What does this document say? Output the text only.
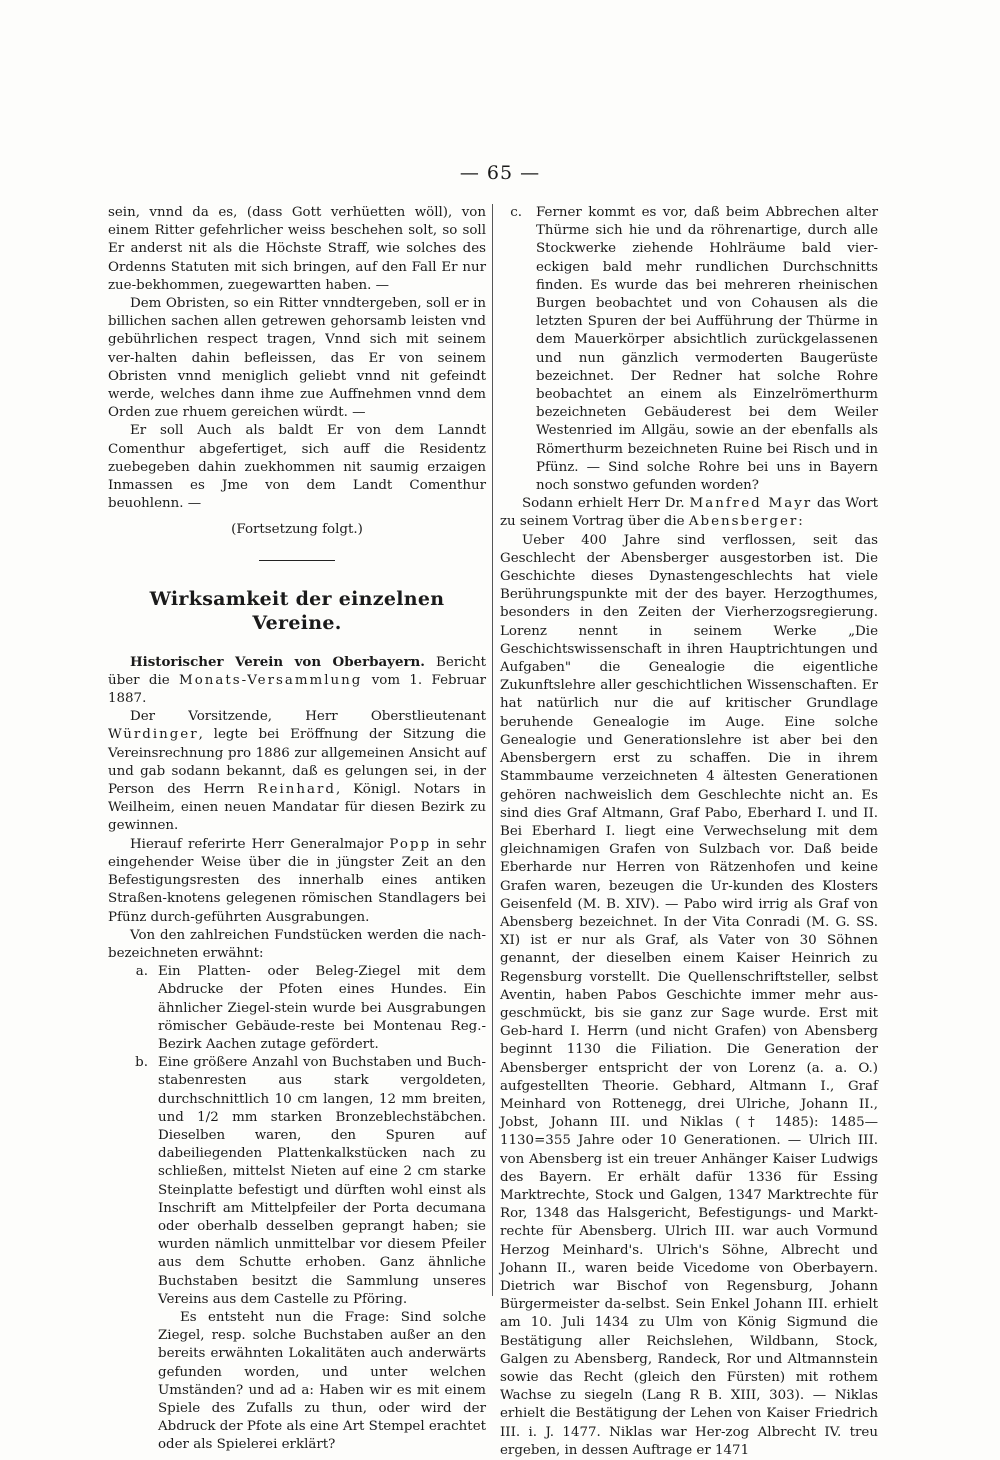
— 65 —

sein, vnnd da es, (dass Gott verhüetten wöll), von einem Ritter gefehrlicher weiss beschehen solt, so soll Er anderst nit als die Höchste Straff, wie solches des Ordenns Statuten mit sich bringen, auf den Fall Er nur zue-bekhommen, zuegewartten haben. —

Dem Obristen, so ein Ritter vnndtergeben, soll er in billichen sachen allen getrewen gehorsamb leisten vnd gebührlichen respect tragen, Vnnd sich mit seinem ver-halten dahin befleissen, das Er von seinem Obristen vnnd meniglich geliebt vnnd nit gefeindt werde, welches dann ihme zue Auffnehmen vnnd dem Orden zue rhuem gereichen würdt. —

Er soll Auch als baldt Er von dem Lanndt Comenthur abgefertiget, sich auff die Residentz zuebegeben dahin zuekhommen nit saumig erzaigen Inmassen es Jme von dem Landt Comenthur beuohlenn. —

(Fortsetzung folgt.)

Wirksamkeit der einzelnen Vereine.

Historischer Verein von Oberbayern. Bericht über die Monats-Versammlung vom 1. Februar 1887.

Der Vorsitzende, Herr Oberstlieutenant Würdinger, legte bei Eröffnung der Sitzung die Vereinsrechnung pro 1886 zur allgemeinen Ansicht auf und gab sodann bekannt, daß es gelungen sei, in der Person des Herrn Reinhard, Königl. Notars in Weilheim, einen neuen Mandatar für diesen Bezirk zu gewinnen.

Hierauf referirte Herr Generalmajor Popp in sehr eingehender Weise über die in jüngster Zeit an den Befestigungsresten des innerhalb eines antiken Straßen-knotens gelegenen römischen Standlagers bei Pfünz durch-geführten Ausgrabungen.

Von den zahlreichen Fundstücken werden die nach-bezeichneten erwähnt:

a. Ein Platten- oder Beleg-Ziegel mit dem Abdrucke der Pfoten eines Hundes. Ein ähnlicher Ziegel-stein wurde bei Ausgrabungen römischer Gebäude-reste bei Montenau Reg.-Bezirk Aachen zutage gefördert.

b. Eine größere Anzahl von Buchstaben und Buch-stabenresten aus stark vergoldeten, durchschnittlich 10 cm langen, 12 mm breiten, und 1/2 mm starken Bronzeblechstäbchen. Dieselben waren, den Spuren auf dabeiliegenden Plattenkalkstücken nach zu schließen, mittelst Nieten auf eine 2 cm starke Steinplatte befestigt und dürften wohl einst als Inschrift am Mittelpfeiler der Porta decumana oder oberhalb desselben geprangt haben; sie wurden nämlich unmittelbar vor diesem Pfeiler aus dem Schutte erhoben. Ganz ähnliche Buchstaben besitzt die Sammlung unseres Vereins aus dem Castelle zu Pföring.

Es entsteht nun die Frage: Sind solche Ziegel, resp. solche Buchstaben außer an den bereits erwähnten Lokalitäten auch anderwärts gefunden worden, und unter welchen Umständen? und ad a: Haben wir es mit einem Spiele des Zufalls zu thun, oder wird der Abdruck der Pfote als eine Art Stempel erachtet oder als Spielerei erklärt?

c. Ferner kommt es vor, daß beim Abbrechen alter Thürme sich hie und da röhrenartige, durch alle Stockwerke ziehende Hohlräume bald vier-eckigen bald mehr rundlichen Durchschnitts finden. Es wurde das bei mehreren rheinischen Burgen beobachtet und von Cohausen als die letzten Spuren der bei Aufführung der Thürme in dem Mauerkörper absichtlich zurückgelassenen und nun gänzlich vermoderten Baugerüste bezeichnet. Der Redner hat solche Rohre beobachtet an einem als Einzelrömerthurm bezeichneten Gebäuderest bei dem Weiler Westenried im Allgäu, sowie an der ebenfalls als Römerthurm bezeichneten Ruine bei Risch und in Pfünz. — Sind solche Rohre bei uns in Bayern noch sonstwo gefunden worden?

Sodann erhielt Herr Dr. Manfred Mayr das Wort zu seinem Vortrag über die Abensberger:

Ueber 400 Jahre sind verflossen, seit das Geschlecht der Abensberger ausgestorben ist. Die Geschichte dieses Dynastengeschlechts hat viele Berührungspunkte mit der des bayer. Herzogthumes, besonders in den Zeiten der Vierherzogsregierung. Lorenz nennt in seinem Werke „Die Geschichtswissenschaft in ihren Hauptrichtungen und Aufgaben" die Genealogie die eigentliche Zukunftslehre aller geschichtlichen Wissenschaften. Er hat natürlich nur die auf kritischer Grundlage beruhende Genealogie im Auge. Eine solche Genealogie und Generationslehre ist aber bei den Abensbergern erst zu schaffen. Die in ihrem Stammbaume verzeichneten 4 ältesten Generationen gehören nachweislich dem Geschlechte nicht an. Es sind dies Graf Altmann, Graf Pabo, Eberhard I. und II. Bei Eberhard I. liegt eine Verwechselung mit dem gleichnamigen Grafen von Sulzbach vor. Daß beide Eberharde nur Herren von Rätzenhofen und keine Grafen waren, bezeugen die Ur-kunden des Klosters Geisenfeld (M. B. XIV). — Pabo wird irrig als Graf von Abensberg bezeichnet. In der Vita Conradi (M. G. SS. XI) ist er nur als Graf, als Vater von 30 Söhnen genannt, der dieselben einem Kaiser Heinrich zu Regensburg vorstellt. Die Quellenschriftsteller, selbst Aventin, haben Pabos Geschichte immer mehr aus-geschmückt, bis sie ganz zur Sage wurde. Erst mit Geb-hard I. Herrn (und nicht Grafen) von Abensberg beginnt 1130 die Filiation. Die Generation der Abensberger entspricht der von Lorenz (a. a. O.) aufgestellten Theorie. Gebhard, Altmann I., Graf Meinhard von Rottenegg, drei Ulriche, Johann II., Jobst, Johann III. und Niklas († 1485): 1485—1130=355 Jahre oder 10 Generationen. — Ulrich III. von Abensberg ist ein treuer Anhänger Kaiser Ludwigs des Bayern. Er erhält dafür 1336 für Essing Marktrechte, Stock und Galgen, 1347 Marktrechte für Ror, 1348 das Halsgericht, Befestigungs- und Markt-rechte für Abensberg. Ulrich III. war auch Vormund Herzog Meinhard's. Ulrich's Söhne, Albrecht und Johann II., waren beide Vicedome von Oberbayern. Dietrich war Bischof von Regensburg, Johann Bürgermeister da-selbst. Sein Enkel Johann III. erhielt am 10. Juli 1434 zu Ulm von König Sigmund die Bestätigung aller Reichslehen, Wildbann, Stock, Galgen zu Abensberg, Randeck, Ror und Altmannstein sowie das Recht (gleich den Fürsten) mit rothem Wachse zu siegeln (Lang R B. XIII, 303). — Niklas erhielt die Bestätigung der Lehen von Kaiser Friedrich III. i. J. 1477. Niklas war Her-zog Albrecht IV. treu ergeben, in dessen Auftrage er 1471
